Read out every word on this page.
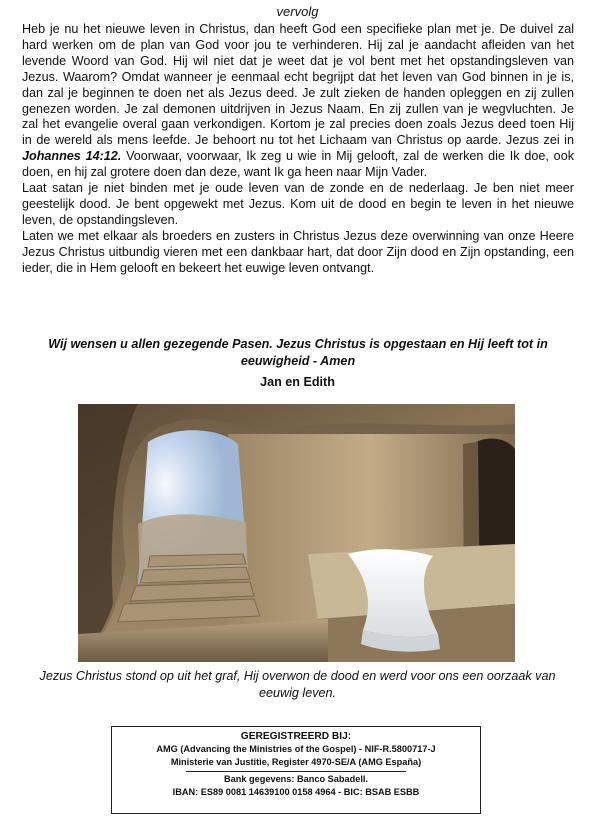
vervolg

Heb je nu het nieuwe leven in Christus, dan heeft God een specifieke plan met je. De duivel zal hard werken om de plan van God voor jou te verhinderen. Hij zal je aandacht afleiden van het levende Woord van God. Hij wil niet dat je weet dat je vol bent met het opstandingsleven van Jezus. Waarom? Omdat wanneer je eenmaal echt begrijpt dat het leven van God binnen in je is, dan zal je beginnen te doen net als Jezus deed. Je zult zieken de handen opleggen en zij zullen genezen worden. Je zal demonen uitdrijven in Jezus Naam. En zij zullen van je wegvluchten. Je zal het evangelie overal gaan verkondigen. Kortom je zal precies doen zoals Jezus deed toen Hij in de wereld als mens leefde. Je behoort nu tot het Lichaam van Christus op aarde. Jezus zei in Johannes 14:12. Voorwaar, voorwaar, Ik zeg u wie in Mij gelooft, zal de werken die Ik doe, ook doen, en hij zal grotere doen dan deze, want Ik ga heen naar Mijn Vader.

Laat satan je niet binden met je oude leven van de zonde en de nederlaag. Je ben niet meer geestelijk dood. Je bent opgewekt met Jezus. Kom uit de dood en begin te leven in het nieuwe leven, de opstandingsleven.

Laten we met elkaar als broeders en zusters in Christus Jezus deze overwinning van onze Heere Jezus Christus uitbundig vieren met een dankbaar hart, dat door Zijn dood en Zijn opstanding, een ieder, die in Hem gelooft en bekeert het euwige leven ontvangt.

Wij wensen u allen gezegende Pasen. Jezus Christus is opgestaan en Hij leeft tot in eeuwigheid - Amen
Jan en Edith
Jezus Christus stond op uit het graf, Hij overwon de dood en werd voor ons een oorzaak van eeuwig leven.
GEREGISTREERD BIJ:
AMG (Advancing the Ministries of the Gospel) - NIF-R.5800717-J
Ministerie van Justitie, Register 4970-SE/A (AMG España)
Bank gegevens: Banco Sabadell.
IBAN: ES89 0081 14639100 0158 4964 - BIC: BSAB ESBB
